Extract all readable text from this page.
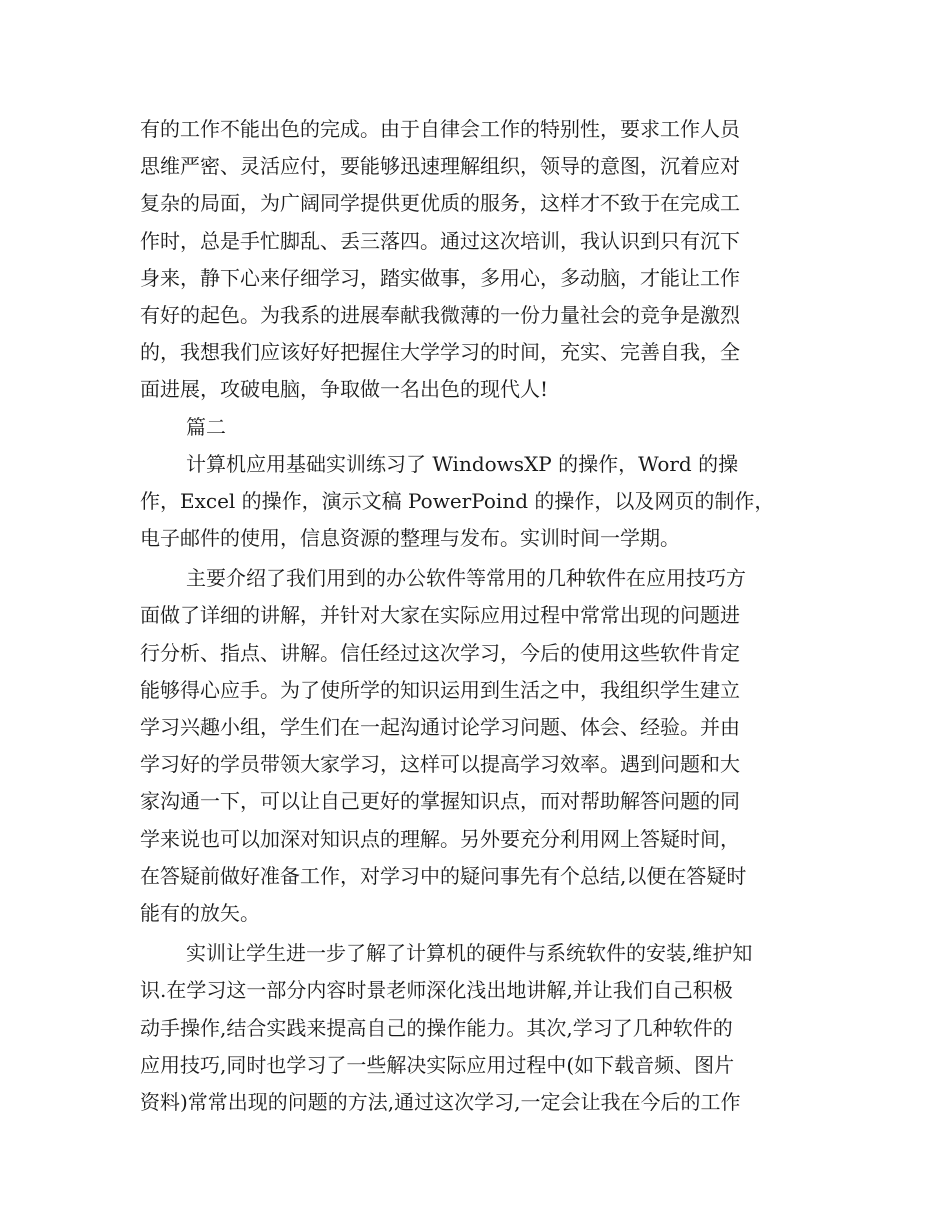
有的工作不能出色的完成。由于自律会工作的特别性，要求工作人员
思维严密、灵活应付，要能够迅速理解组织，领导的意图，沉着应对
复杂的局面，为广阔同学提供更优质的服务，这样才不致于在完成工
作时，总是手忙脚乱、丢三落四。通过这次培训，我认识到只有沉下
身来，静下心来仔细学习，踏实做事，多用心，多动脑，才能让工作
有好的起色。为我系的进展奉献我微薄的一份力量社会的竞争是激烈
的，我想我们应该好好把握住大学学习的时间，充实、完善自我，全
面进展，攻破电脑，争取做一名出色的现代人!
篇二
计算机应用基础实训练习了 WindowsXP 的操作，Word 的操
作，Excel 的操作，演示文稿 PowerPoind 的操作，以及网页的制作，
电子邮件的使用，信息资源的整理与发布。实训时间一学期。
主要介绍了我们用到的办公软件等常用的几种软件在应用技巧方
面做了详细的讲解，并针对大家在实际应用过程中常常出现的问题进
行分析、指点、讲解。信任经过这次学习，今后的使用这些软件肯定
能够得心应手。为了使所学的知识运用到生活之中，我组织学生建立
学习兴趣小组，学生们在一起沟通讨论学习问题、体会、经验。并由
学习好的学员带领大家学习，这样可以提高学习效率。遇到问题和大
家沟通一下，可以让自己更好的掌握知识点，而对帮助解答问题的同
学来说也可以加深对知识点的理解。另外要充分利用网上答疑时间，
在答疑前做好准备工作，对学习中的疑问事先有个总结,以便在答疑时
能有的放矢。
实训让学生进一步了解了计算机的硬件与系统软件的安装,维护知
识.在学习这一部分内容时景老师深化浅出地讲解,并让我们自己积极
动手操作,结合实践来提高自己的操作能力。其次,学习了几种软件的
应用技巧,同时也学习了一些解决实际应用过程中(如下载音频、图片
资料)常常出现的问题的方法,通过这次学习,一定会让我在今后的工作
